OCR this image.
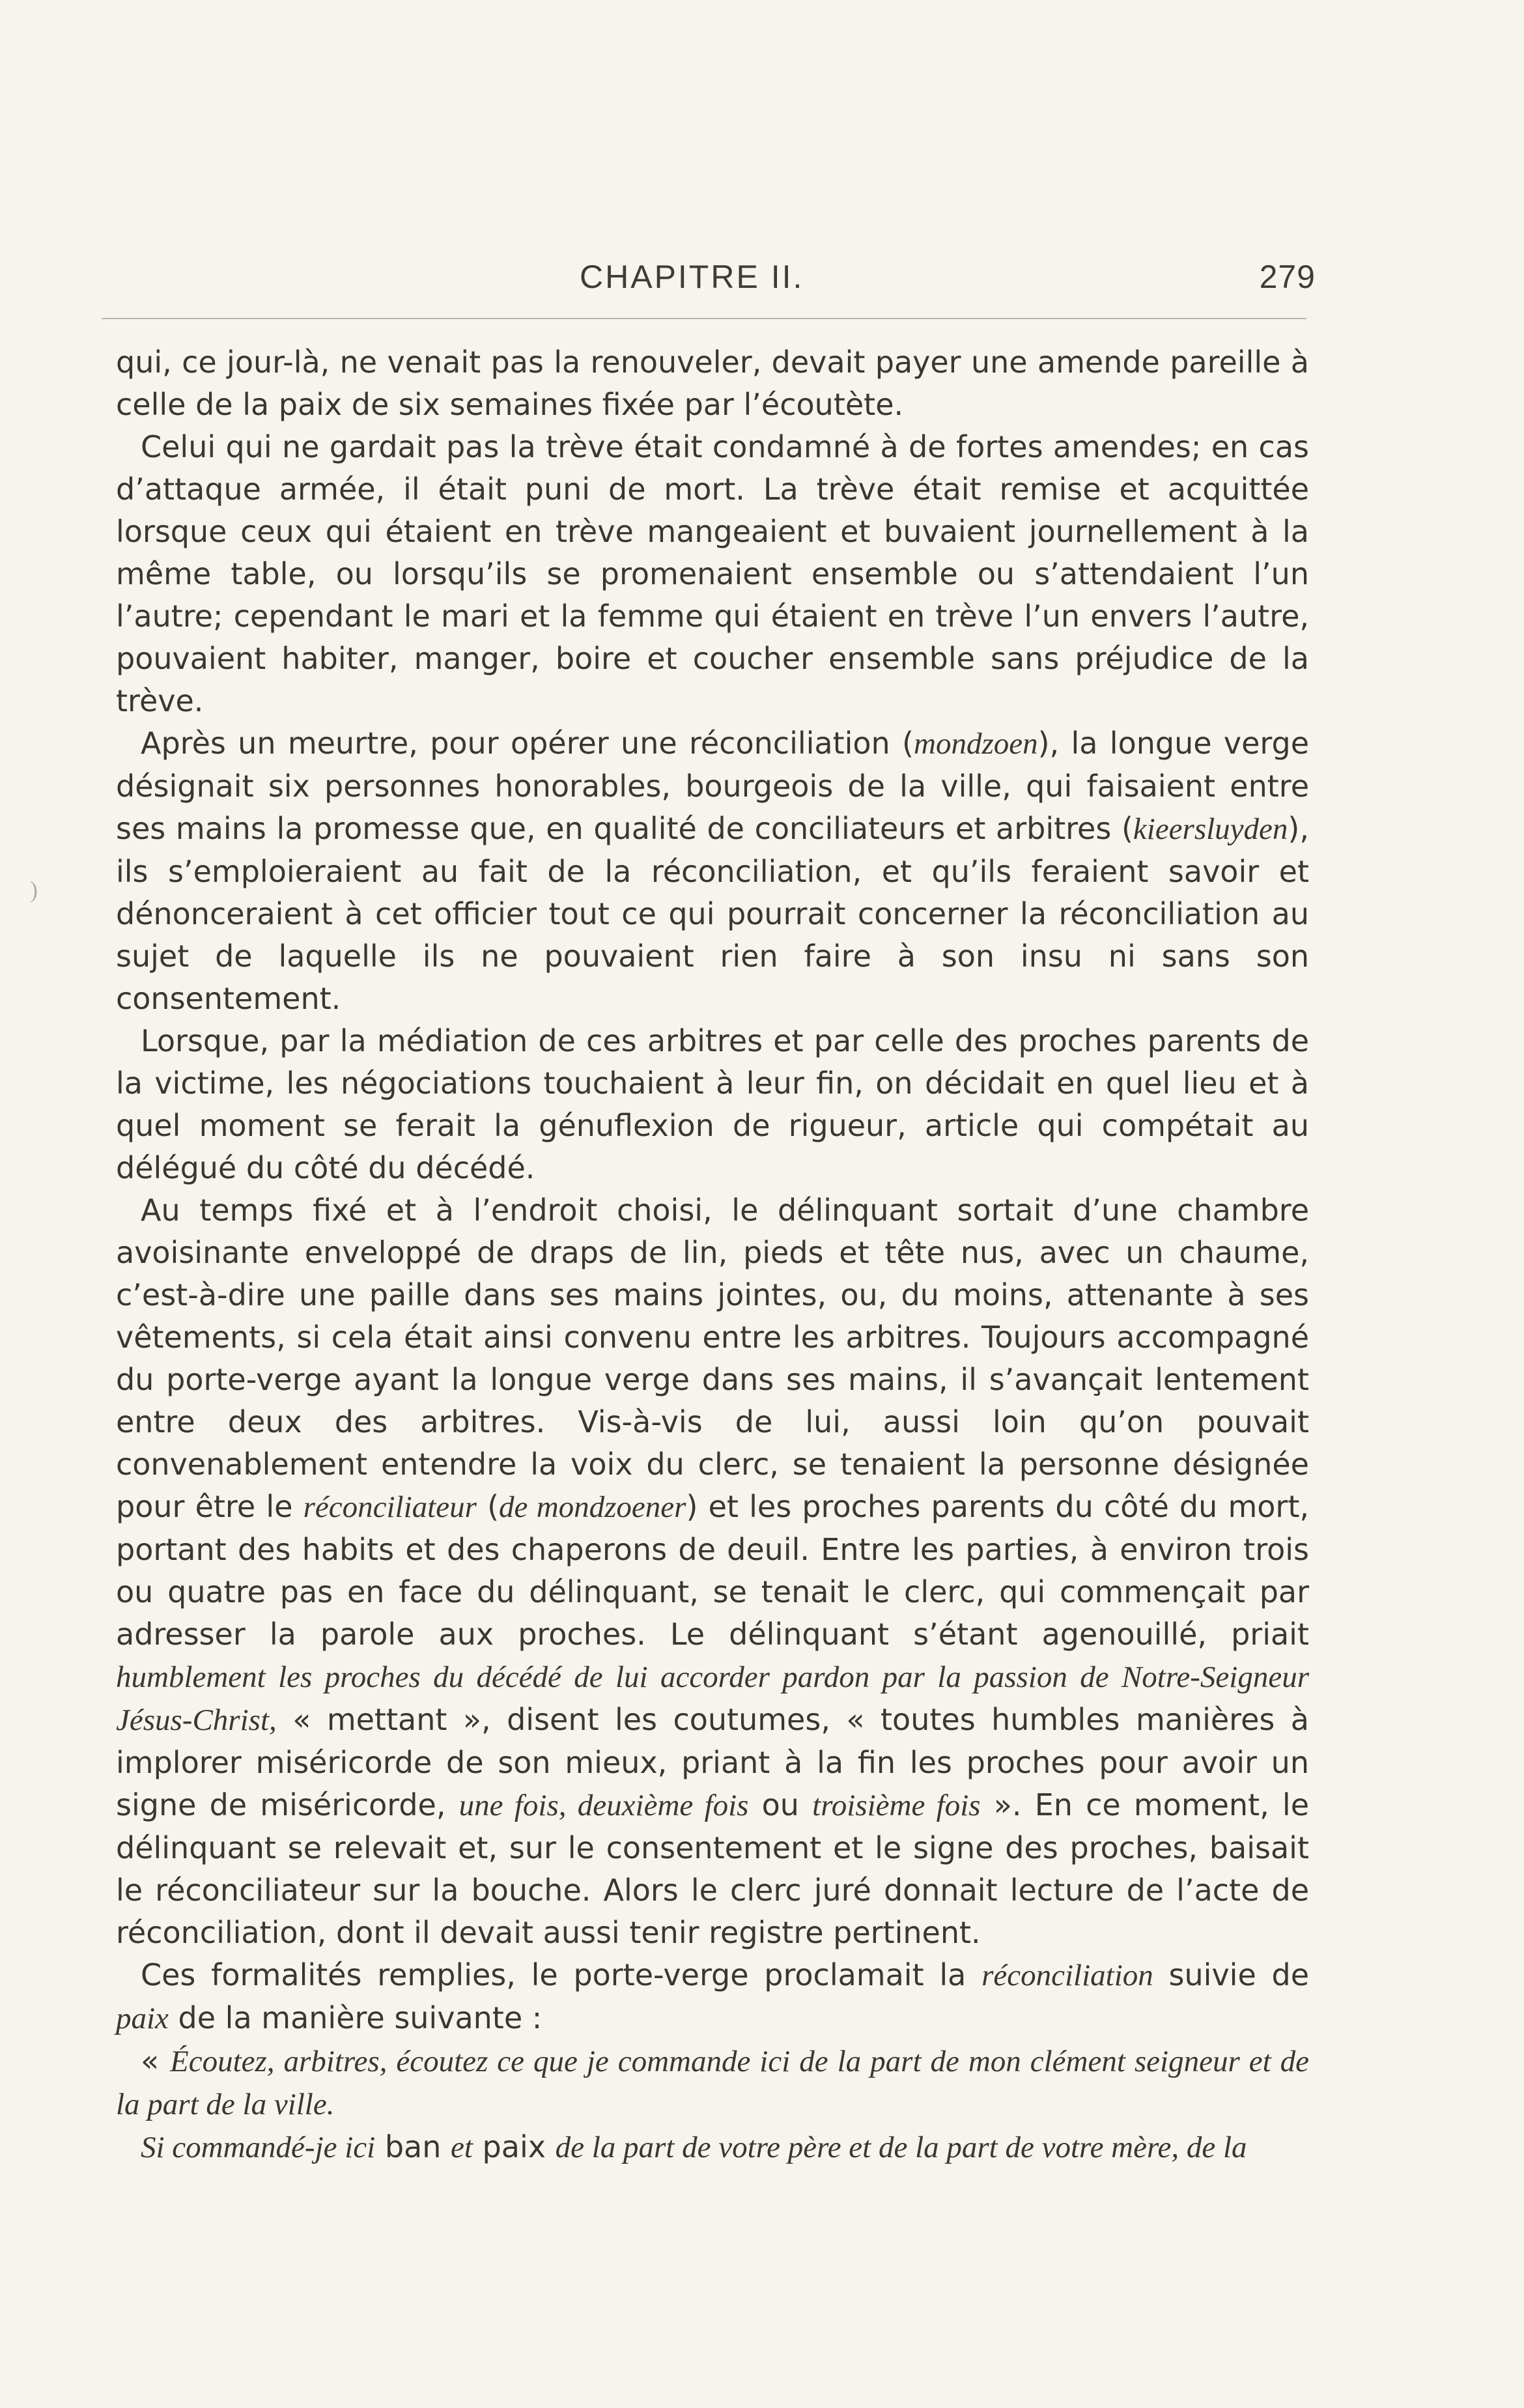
CHAPITRE II.	279
)

qui, ce jour-là, ne venait pas la renouveler, devait payer une amende pareille à celle de la paix de six semaines fixée par l’écoutète.

Celui qui ne gardait pas la trève était condamné à de fortes amendes; en cas d’attaque armée, il était puni de mort. La trève était remise et acquittée lorsque ceux qui étaient en trève mangeaient et buvaient journellement à la même table, ou lorsqu’ils se promenaient ensemble ou s’attendaient l’un l’autre; cependant le mari et la femme qui étaient en trève l’un envers l’autre, pouvaient habiter, manger, boire et coucher ensemble sans préjudice de la trève.

Après un meurtre, pour opérer une réconciliation (mondzoen), la longue verge désignait six personnes honorables, bourgeois de la ville, qui faisaient entre ses mains la promesse que, en qualité de conciliateurs et arbitres (kieersluyden), ils s’emploieraient au fait de la réconciliation, et qu’ils feraient savoir et dénonceraient à cet officier tout ce qui pourrait concerner la réconciliation au sujet de laquelle ils ne pouvaient rien faire à son insu ni sans son consentement.

Lorsque, par la médiation de ces arbitres et par celle des proches parents de la victime, les négociations touchaient à leur fin, on décidait en quel lieu et à quel moment se ferait la génuflexion de rigueur, article qui compétait au délégué du côté du décédé.

Au temps fixé et à l’endroit choisi, le délinquant sortait d’une chambre avoisinante enveloppé de draps de lin, pieds et tête nus, avec un chaume, c’est-à-dire une paille dans ses mains jointes, ou, du moins, attenante à ses vêtements, si cela était ainsi convenu entre les arbitres. Toujours accompagné du porte-verge ayant la longue verge dans ses mains, il s’avançait lentement entre deux des arbitres. Vis-à-vis de lui, aussi loin qu’on pouvait convenablement entendre la voix du clerc, se tenaient la personne désignée pour être le réconciliateur (de mondzoener) et les proches parents du côté du mort, portant des habits et des chaperons de deuil. Entre les parties, à environ trois ou quatre pas en face du délinquant, se tenait le clerc, qui commençait par adresser la parole aux proches. Le délinquant s’étant agenouillé, priait humblement les proches du décédé de lui accorder pardon par la passion de Notre-Seigneur Jésus-Christ, « mettant », disent les coutumes, « toutes humbles manières à implorer miséricorde de son mieux, priant à la fin les proches pour avoir un signe de miséricorde, une fois, deuxième fois ou troisième fois ». En ce moment, le délinquant se relevait et, sur le consentement et le signe des proches, baisait le réconciliateur sur la bouche. Alors le clerc juré donnait lecture de l’acte de réconciliation, dont il devait aussi tenir registre pertinent.

Ces formalités remplies, le porte-verge proclamait la réconciliation suivie de paix de la manière suivante :

« Écoutez, arbitres, écoutez ce que je commande ici de la part de mon clément seigneur et de la part de la ville.

Si commandé-je ici ban et paix de la part de votre père et de la part de votre mère, de la
